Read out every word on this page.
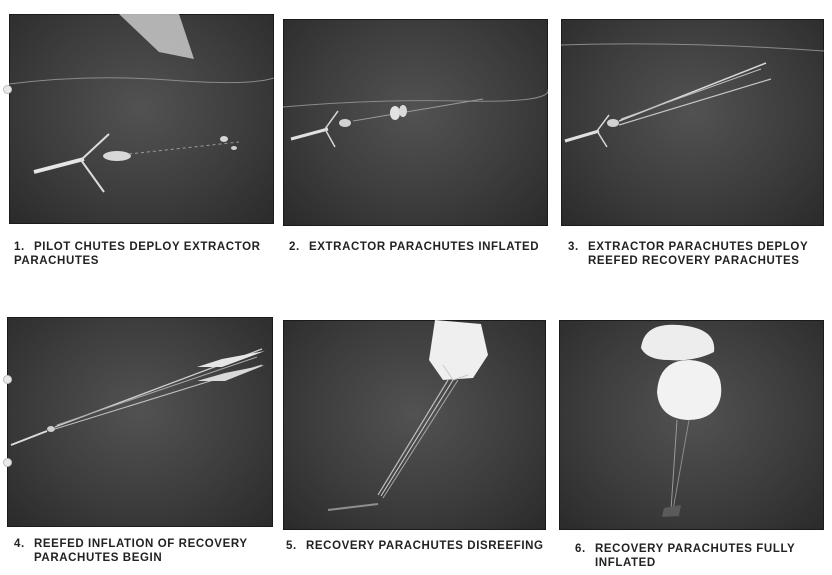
1. PILOT CHUTES DEPLOY EXTRACTOR
PARACHUTES
2. EXTRACTOR PARACHUTES INFLATED	3. EXTRACTOR PARACHUTES DEPLOY
REEFED RECOVERY PARACHUTES
4. REEFED INFLATION OF RECOVERY
PARACHUTES BEGIN
5. RECOVERY PARACHUTES DISREEFING	6. RECOVERY PARACHUTES FULLY
INFLATED
